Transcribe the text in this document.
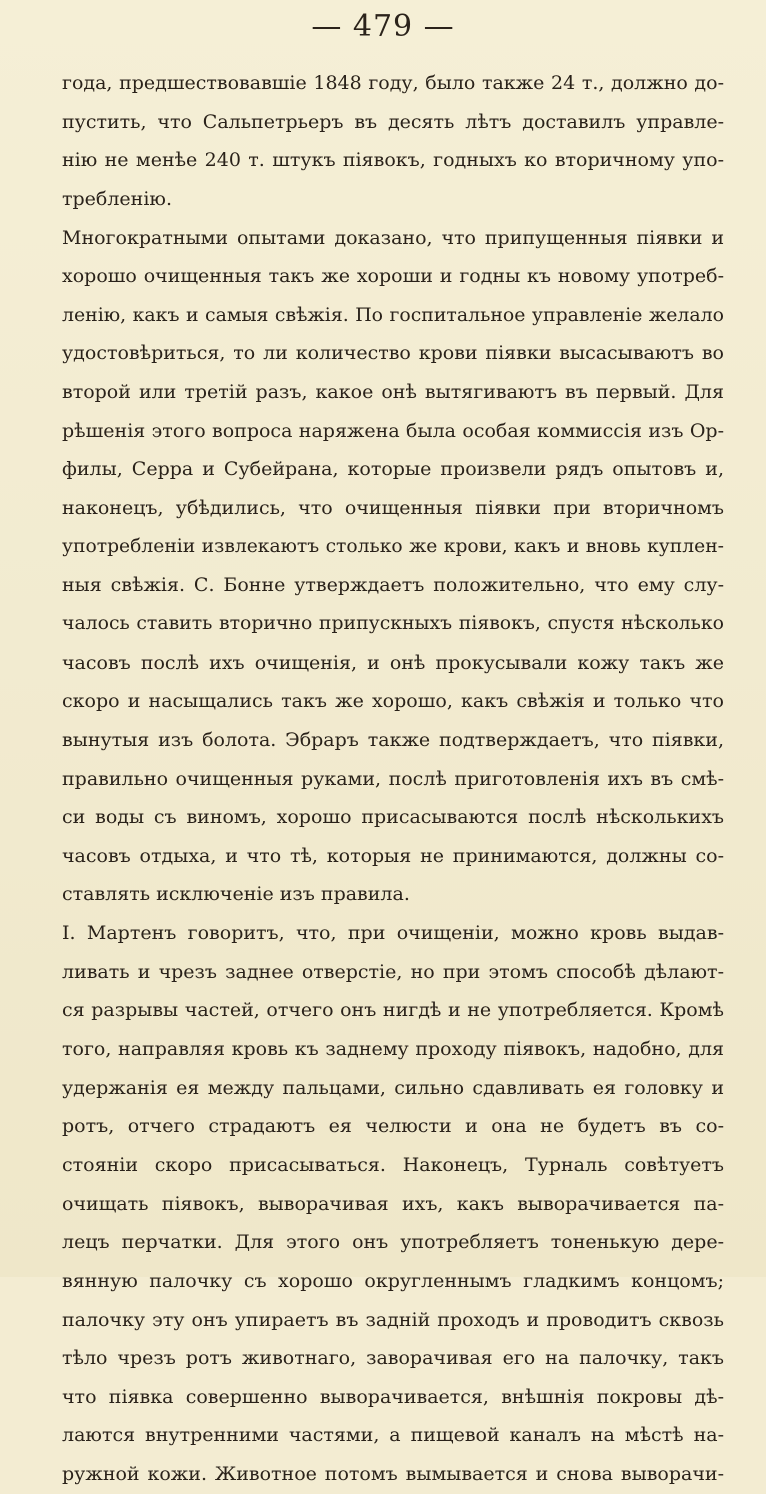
— 479 —
года, предшествовавшіе 1848 году, было также 24 т., должно до-
пустить, что Сальпетрьеръ въ десять лѣтъ доставилъ управле-
нію не менѣе 240 т. штукъ піявокъ, годныхъ ко вторичному упо-
требленію.
Многократными опытами доказано, что припущенныя піявки и
хорошо очищенныя такъ же хороши и годны къ новому употреб-
ленію, какъ и самыя свѣжія. По госпитальное управленіе желало
удостовѣриться, то ли количество крови піявки высасываютъ во
второй или третій разъ, какое онѣ вытягиваютъ въ первый. Для
рѣшенія этого вопроса наряжена была особая коммиссія изъ Ор-
филы, Серра и Субейрана, которые произвели рядъ опытовъ и,
наконецъ, убѣдились, что очищенныя піявки при вторичномъ
употребленіи извлекаютъ столько же крови, какъ и вновь куплен-
ныя свѣжія. С. Бонне утверждаетъ положительно, что ему слу-
чалось ставить вторично припускныхъ піявокъ, спустя нѣсколько
часовъ послѣ ихъ очищенія, и онѣ прокусывали кожу такъ же
скоро и насыщались такъ же хорошо, какъ свѣжія и только что
вынутыя изъ болота. Эбраръ также подтверждаетъ, что піявки,
правильно очищенныя руками, послѣ приготовленія ихъ въ смѣ-
си воды съ виномъ, хорошо присасываются послѣ нѣсколькихъ
часовъ отдыха, и что тѣ, которыя не принимаются, должны со-
ставлять исключеніе изъ правила.
І. Мартенъ говоритъ, что, при очищеніи, можно кровь выдав-
ливать и чрезъ заднее отверстіе, но при этомъ способѣ дѣлают-
ся разрывы частей, отчего онъ нигдѣ и не употребляется. Кромѣ
того, направляя кровь къ заднему проходу піявокъ, надобно, для
удержанія ея между пальцами, сильно сдавливать ея головку и
ротъ, отчего страдаютъ ея челюсти и она не будетъ въ со-
стояніи скоро присасываться. Наконецъ, Турналь совѣтуетъ
очищать піявокъ, выворачивая ихъ, какъ выворачивается па-
лецъ перчатки. Для этого онъ употребляетъ тоненькую дере-
вянную палочку съ хорошо округленнымъ гладкимъ концомъ;
палочку эту онъ упираетъ въ задній проходъ и проводитъ сквозь
тѣло чрезъ ротъ животнаго, заворачивая его на палочку, такъ
что піявка совершенно выворачивается, внѣшнія покровы дѣ-
лаются внутренними частями, а пищевой каналъ на мѣстѣ на-
ружной кожи. Животное потомъ вымывается и снова выворачи-
